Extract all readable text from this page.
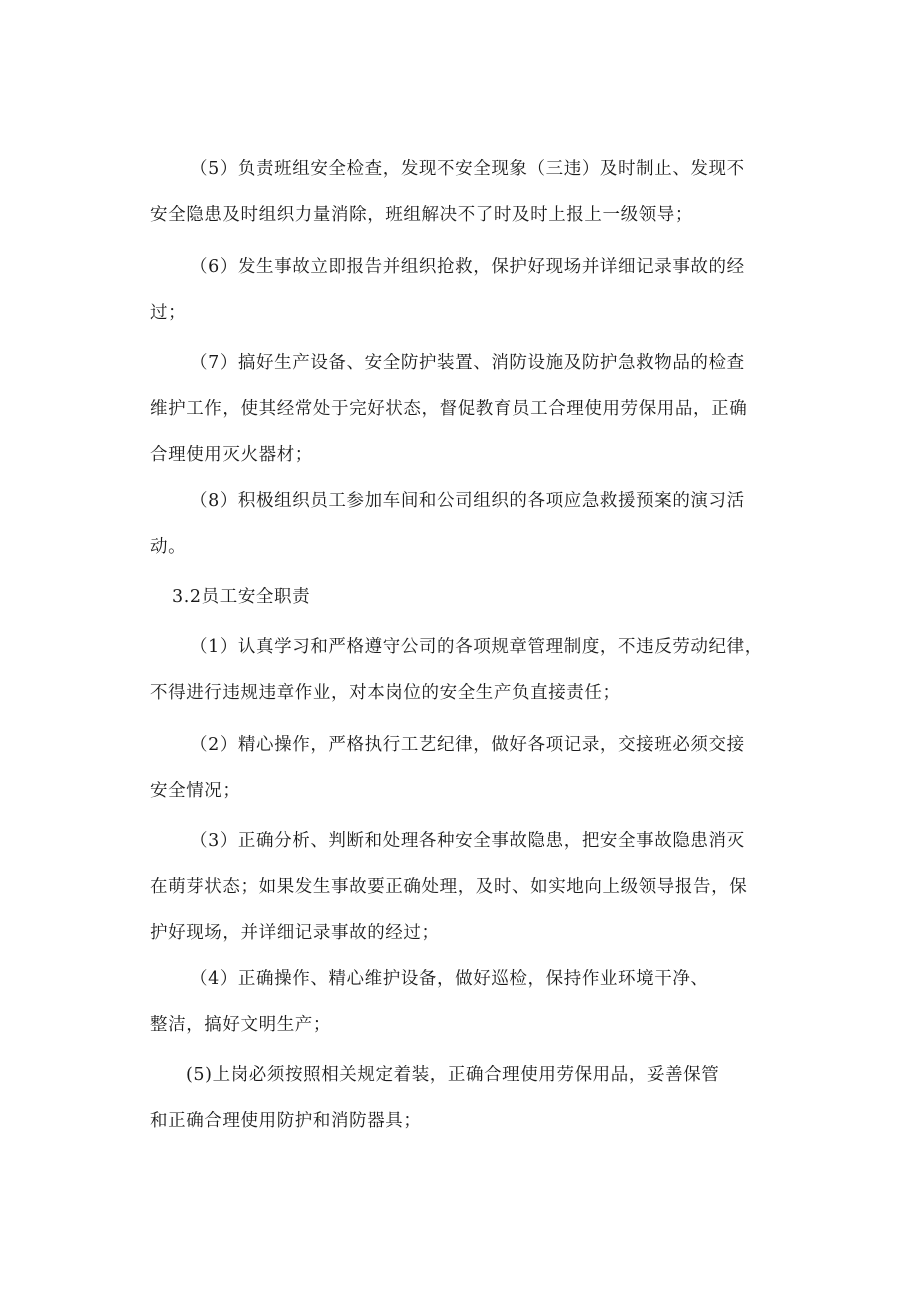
（5）负责班组安全检查，发现不安全现象（三违）及时制止、发现不
安全隐患及时组织力量消除，班组解决不了时及时上报上一级领导；

（6）发生事故立即报告并组织抢救，保护好现场并详细记录事故的经
过；

（7）搞好生产设备、安全防护装置、消防设施及防护急救物品的检查
维护工作，使其经常处于完好状态，督促教育员工合理使用劳保用品，正确
合理使用灭火器材；

（8）积极组织员工参加车间和公司组织的各项应急救援预案的演习活
动。

3.2员工安全职责

（1）认真学习和严格遵守公司的各项规章管理制度，不违反劳动纪律，
不得进行违规违章作业，对本岗位的安全生产负直接责任；

（2）精心操作，严格执行工艺纪律，做好各项记录，交接班必须交接
安全情况；

（3）正确分析、判断和处理各种安全事故隐患，把安全事故隐患消灭
在萌芽状态；如果发生事故要正确处理，及时、如实地向上级领导报告，保
护好现场，并详细记录事故的经过；

（4）正确操作、精心维护设备，做好巡检，保持作业环境干净、
整洁，搞好文明生产；

(5)上岗必须按照相关规定着装，正确合理使用劳保用品，妥善保管
和正确合理使用防护和消防器具；
